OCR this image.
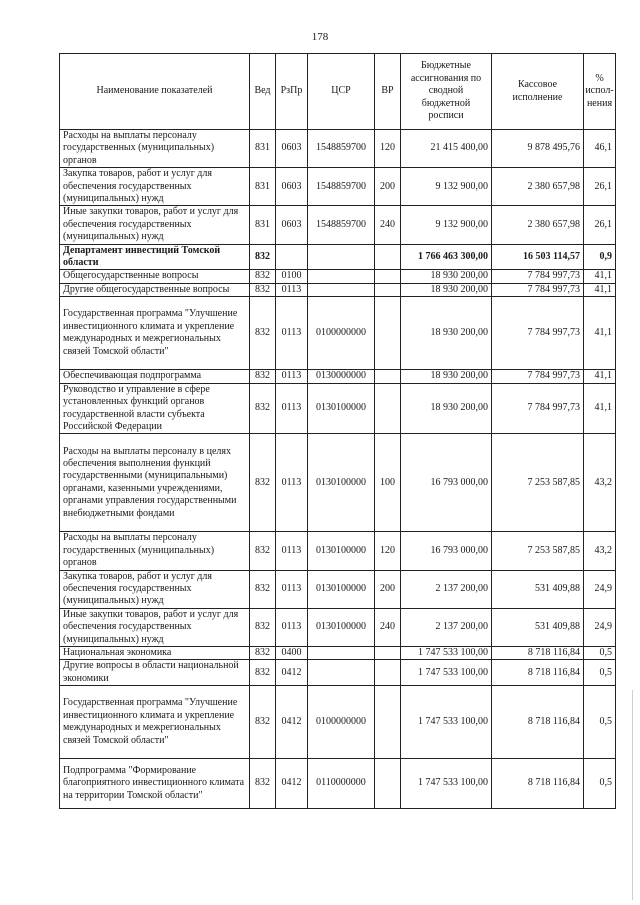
178
Наименование показателей	Вед	РзПр	ЦСР	ВР	Бюджетные ассигнования по сводной бюджетной росписи	Кассовое исполнение	% испол-нения
Расходы на выплаты персоналу государственных (муниципальных) органов	831	0603	1548859700	120	21 415 400,00	9 878 495,76	46,1
Закупка товаров, работ и услуг для обеспечения государственных (муниципальных) нужд	831	0603	1548859700	200	9 132 900,00	2 380 657,98	26,1
Иные закупки товаров, работ и услуг для обеспечения государственных (муниципальных) нужд	831	0603	1548859700	240	9 132 900,00	2 380 657,98	26,1
Департамент инвестиций Томской области	832				1 766 463 300,00	16 503 114,57	0,9
Общегосударственные вопросы	832	0100			18 930 200,00	7 784 997,73	41,1
Другие общегосударственные вопросы	832	0113			18 930 200,00	7 784 997,73	41,1
Государственная программа "Улучшение инвестиционного климата и укрепление международных и межрегиональных связей Томской области"	832	0113	0100000000		18 930 200,00	7 784 997,73	41,1
Обеспечивающая подпрограмма	832	0113	0130000000		18 930 200,00	7 784 997,73	41,1
Руководство и управление в сфере установленных функций органов государственной власти субъекта Российской Федерации	832	0113	0130100000		18 930 200,00	7 784 997,73	41,1
Расходы на выплаты персоналу в целях обеспечения выполнения функций государственными (муниципальными) органами, казенными учреждениями, органами управления государственными внебюджетными фондами	832	0113	0130100000	100	16 793 000,00	7 253 587,85	43,2
Расходы на выплаты персоналу государственных (муниципальных) органов	832	0113	0130100000	120	16 793 000,00	7 253 587,85	43,2
Закупка товаров, работ и услуг для обеспечения государственных (муниципальных) нужд	832	0113	0130100000	200	2 137 200,00	531 409,88	24,9
Иные закупки товаров, работ и услуг для обеспечения государственных (муниципальных) нужд	832	0113	0130100000	240	2 137 200,00	531 409,88	24,9
Национальная экономика	832	0400			1 747 533 100,00	8 718 116,84	0,5
Другие вопросы в области национальной экономики	832	0412			1 747 533 100,00	8 718 116,84	0,5
Государственная программа "Улучшение инвестиционного климата и укрепление международных и межрегиональных связей Томской области"	832	0412	0100000000		1 747 533 100,00	8 718 116,84	0,5
Подпрограмма "Формирование благоприятного инвестиционного климата на территории Томской области"	832	0412	0110000000		1 747 533 100,00	8 718 116,84	0,5
